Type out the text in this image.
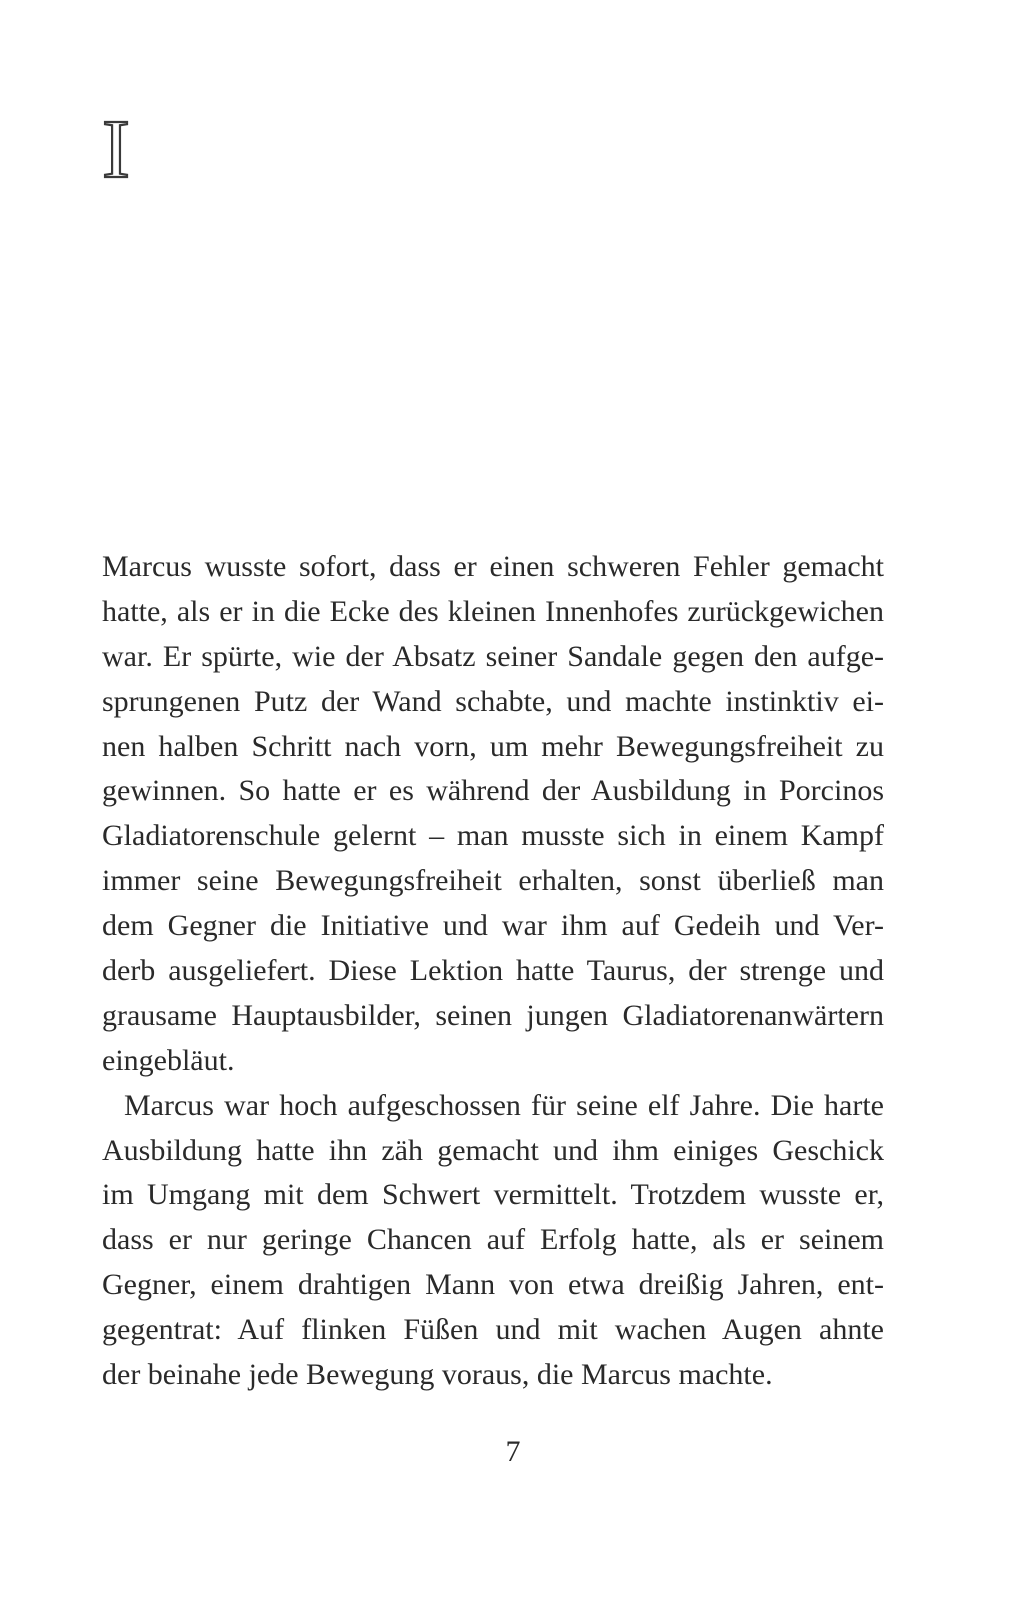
I
Marcus wusste sofort, dass er einen schweren Fehler gemacht
hatte, als er in die Ecke des kleinen Innenhofes zurückgewichen
war. Er spürte, wie der Absatz seiner Sandale gegen den aufge-
sprungenen Putz der Wand schabte, und machte instinktiv ei-
nen halben Schritt nach vorn, um mehr Bewegungsfreiheit zu
gewinnen. So hatte er es während der Ausbildung in Porcinos
Gladiatorenschule gelernt – man musste sich in einem Kampf
immer seine Bewegungsfreiheit erhalten, sonst überließ man
dem Gegner die Initiative und war ihm auf Gedeih und Ver-
derb ausgeliefert. Diese Lektion hatte Taurus, der strenge und
grausame Hauptausbilder, seinen jungen Gladiatorenanwärtern
eingebläut.
Marcus war hoch aufgeschossen für seine elf Jahre. Die harte
Ausbildung hatte ihn zäh gemacht und ihm einiges Geschick
im Umgang mit dem Schwert vermittelt. Trotzdem wusste er,
dass er nur geringe Chancen auf Erfolg hatte, als er seinem
Gegner, einem drahtigen Mann von etwa dreißig Jahren, ent-
gegentrat: Auf flinken Füßen und mit wachen Augen ahnte
der beinahe jede Bewegung voraus, die Marcus machte.
7
